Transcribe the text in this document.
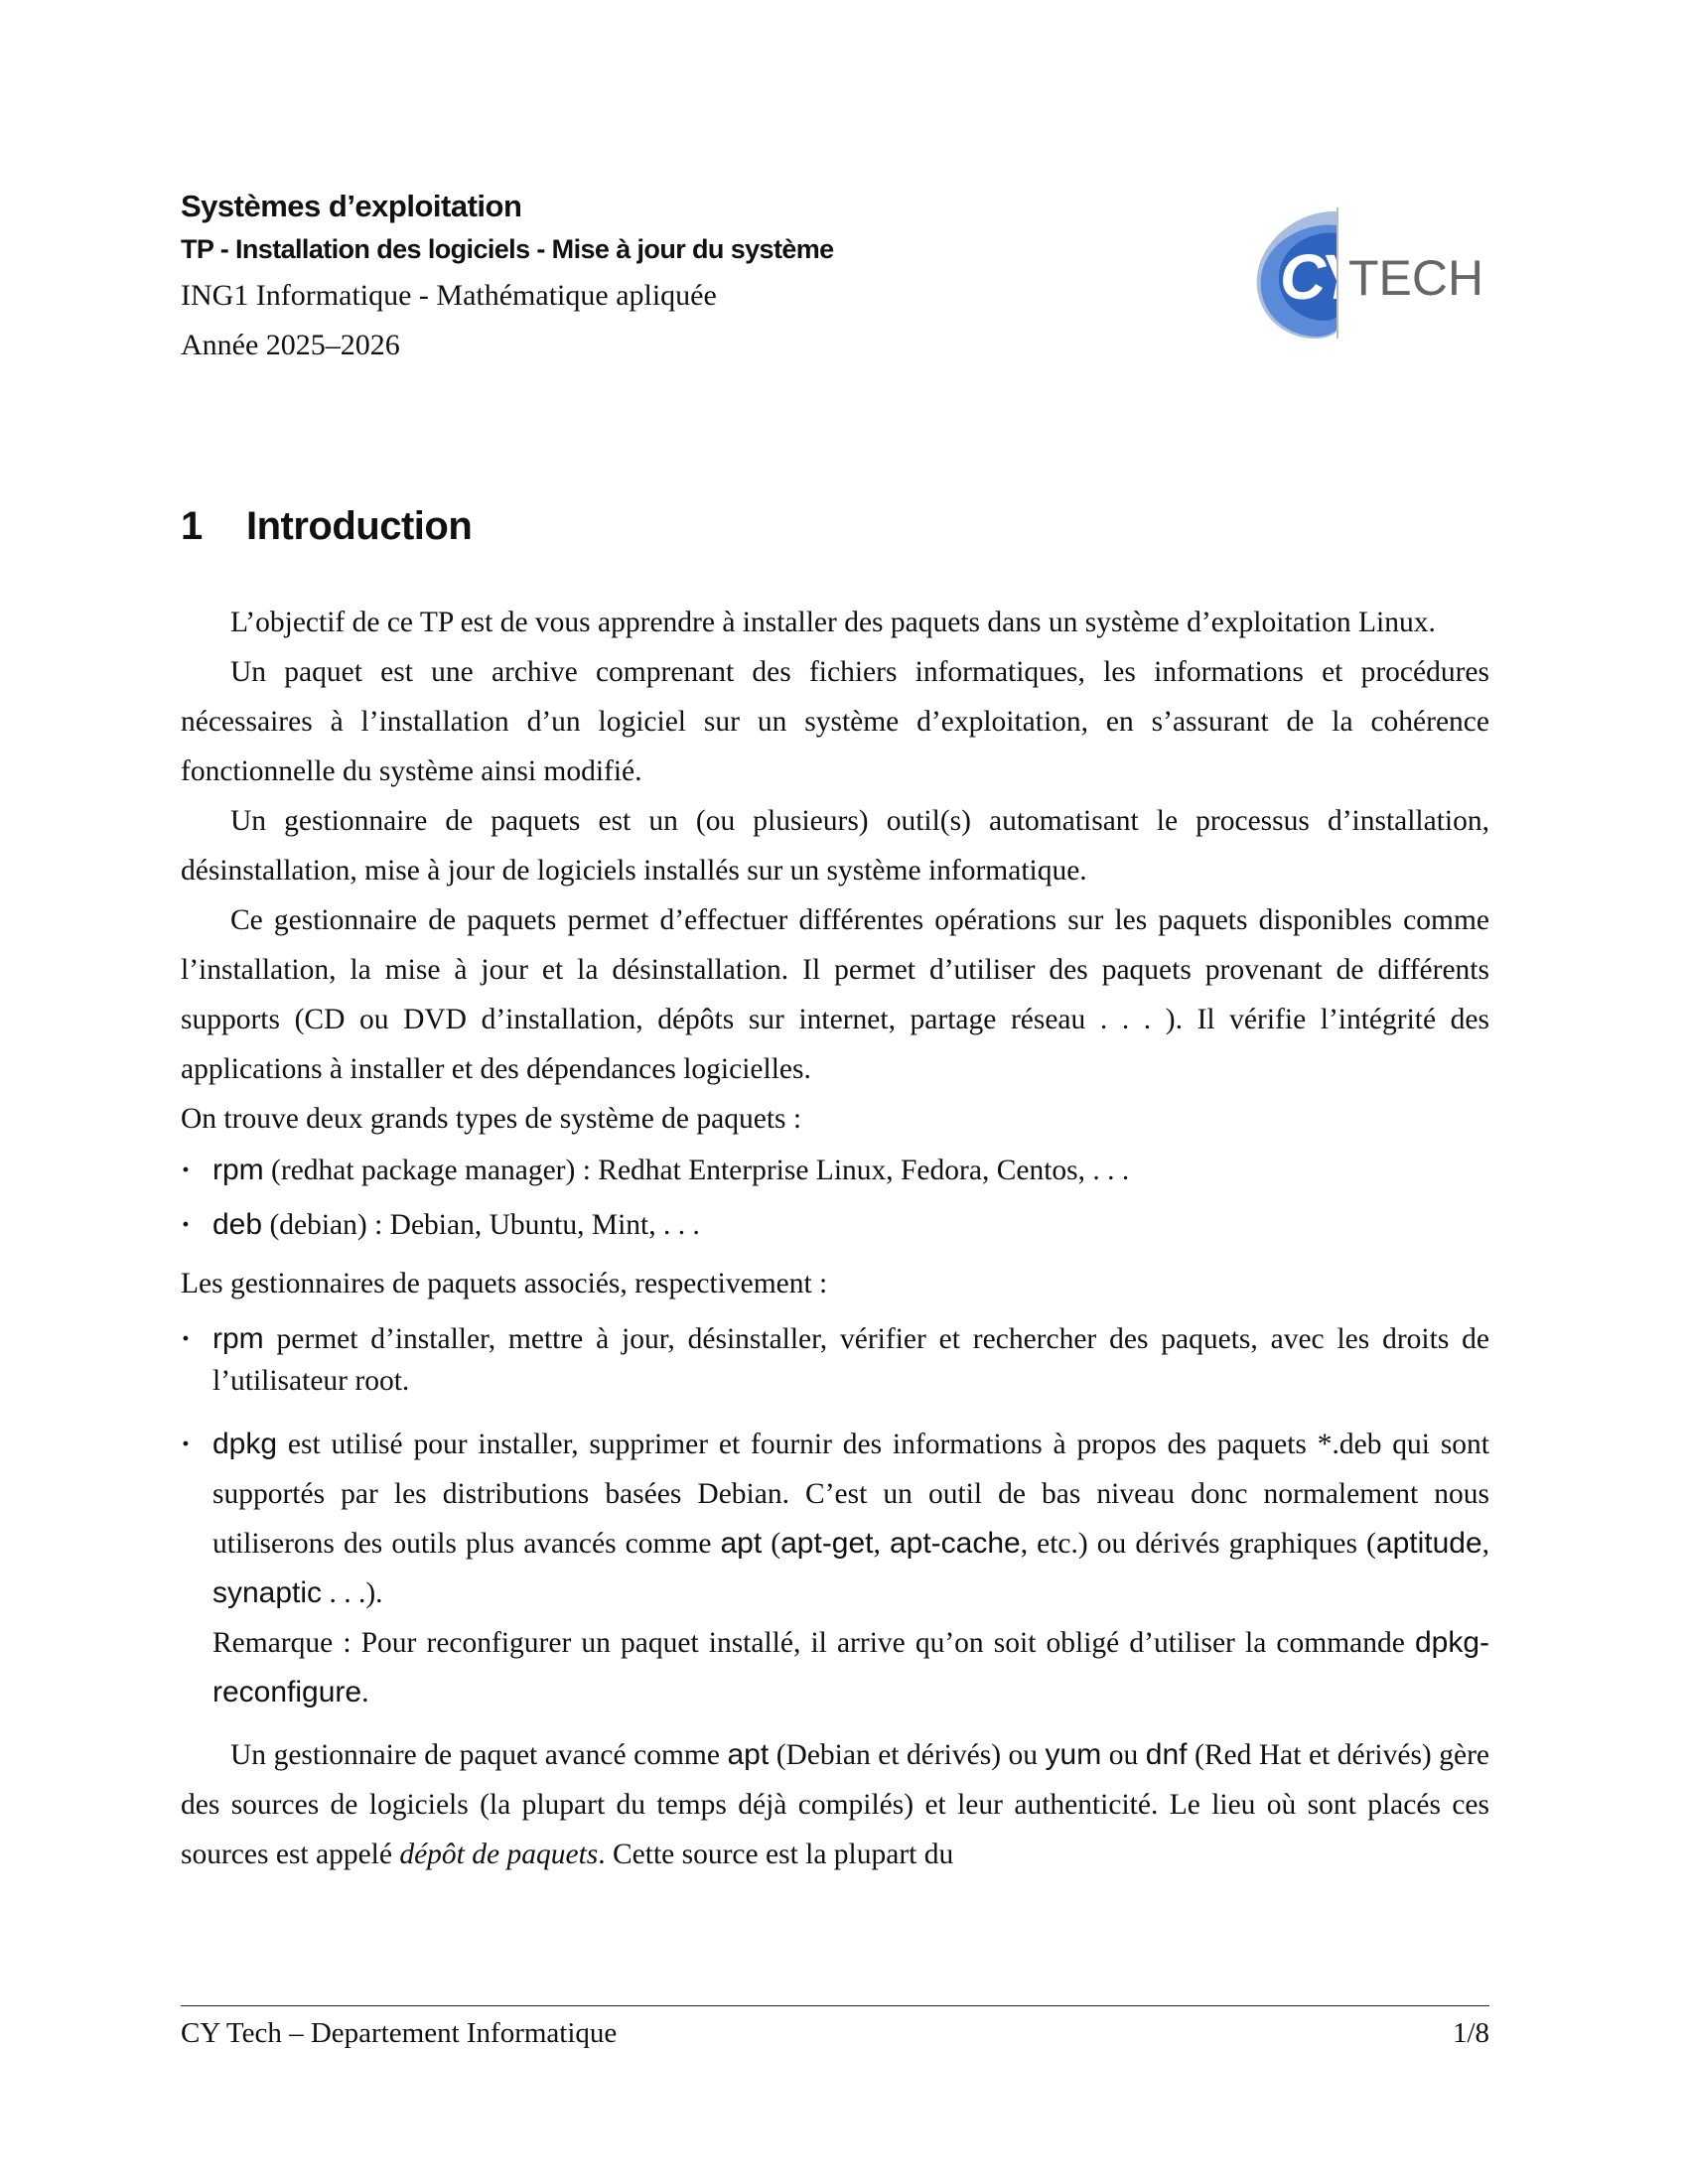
Systèmes d’exploitation
TP - Installation des logiciels - Mise à jour du système
ING1 Informatique - Mathématique apliquée
Année 2025–2026
CY
TECH
1 Introduction

L’objectif de ce TP est de vous apprendre à installer des paquets dans un système d’exploitation Linux.

Un paquet est une archive comprenant des fichiers informatiques, les informations et procédures nécessaires à l’installation d’un logiciel sur un système d’exploitation, en s’assurant de la cohérence fonctionnelle du système ainsi modifié.

Un gestionnaire de paquets est un (ou plusieurs) outil(s) automatisant le processus d’installation, désinstallation, mise à jour de logiciels installés sur un système informatique.

Ce gestionnaire de paquets permet d’effectuer différentes opérations sur les paquets disponibles comme l’installation, la mise à jour et la désinstallation. Il permet d’utiliser des paquets provenant de différents supports (CD ou DVD d’installation, dépôts sur internet, partage réseau . . . ). Il vérifie l’intégrité des applications à installer et des dépendances logicielles.

On trouve deux grands types de système de paquets :

· rpm (redhat package manager) : Redhat Enterprise Linux, Fedora, Centos, . . .
· deb (debian) : Debian, Ubuntu, Mint, . . .

Les gestionnaires de paquets associés, respectivement :

· rpm permet d’installer, mettre à jour, désinstaller, vérifier et rechercher des paquets, avec les droits de l’utilisateur root.
· dpkg est utilisé pour installer, supprimer et fournir des informations à propos des paquets *.deb qui sont supportés par les distributions basées Debian. C’est un outil de bas niveau donc normalement nous utiliserons des outils plus avancés comme apt (apt-get, apt-cache, etc.) ou dérivés graphiques (aptitude, synaptic . . .).
Remarque : Pour reconfigurer un paquet installé, il arrive qu’on soit obligé d’utiliser la commande dpkg-reconfigure.

Un gestionnaire de paquet avancé comme apt (Debian et dérivés) ou yum ou dnf (Red Hat et dérivés) gère des sources de logiciels (la plupart du temps déjà compilés) et leur authenticité. Le lieu où sont placés ces sources est appelé dépôt de paquets. Cette source est la plupart du

CY Tech – Departement Informatique	1/8
